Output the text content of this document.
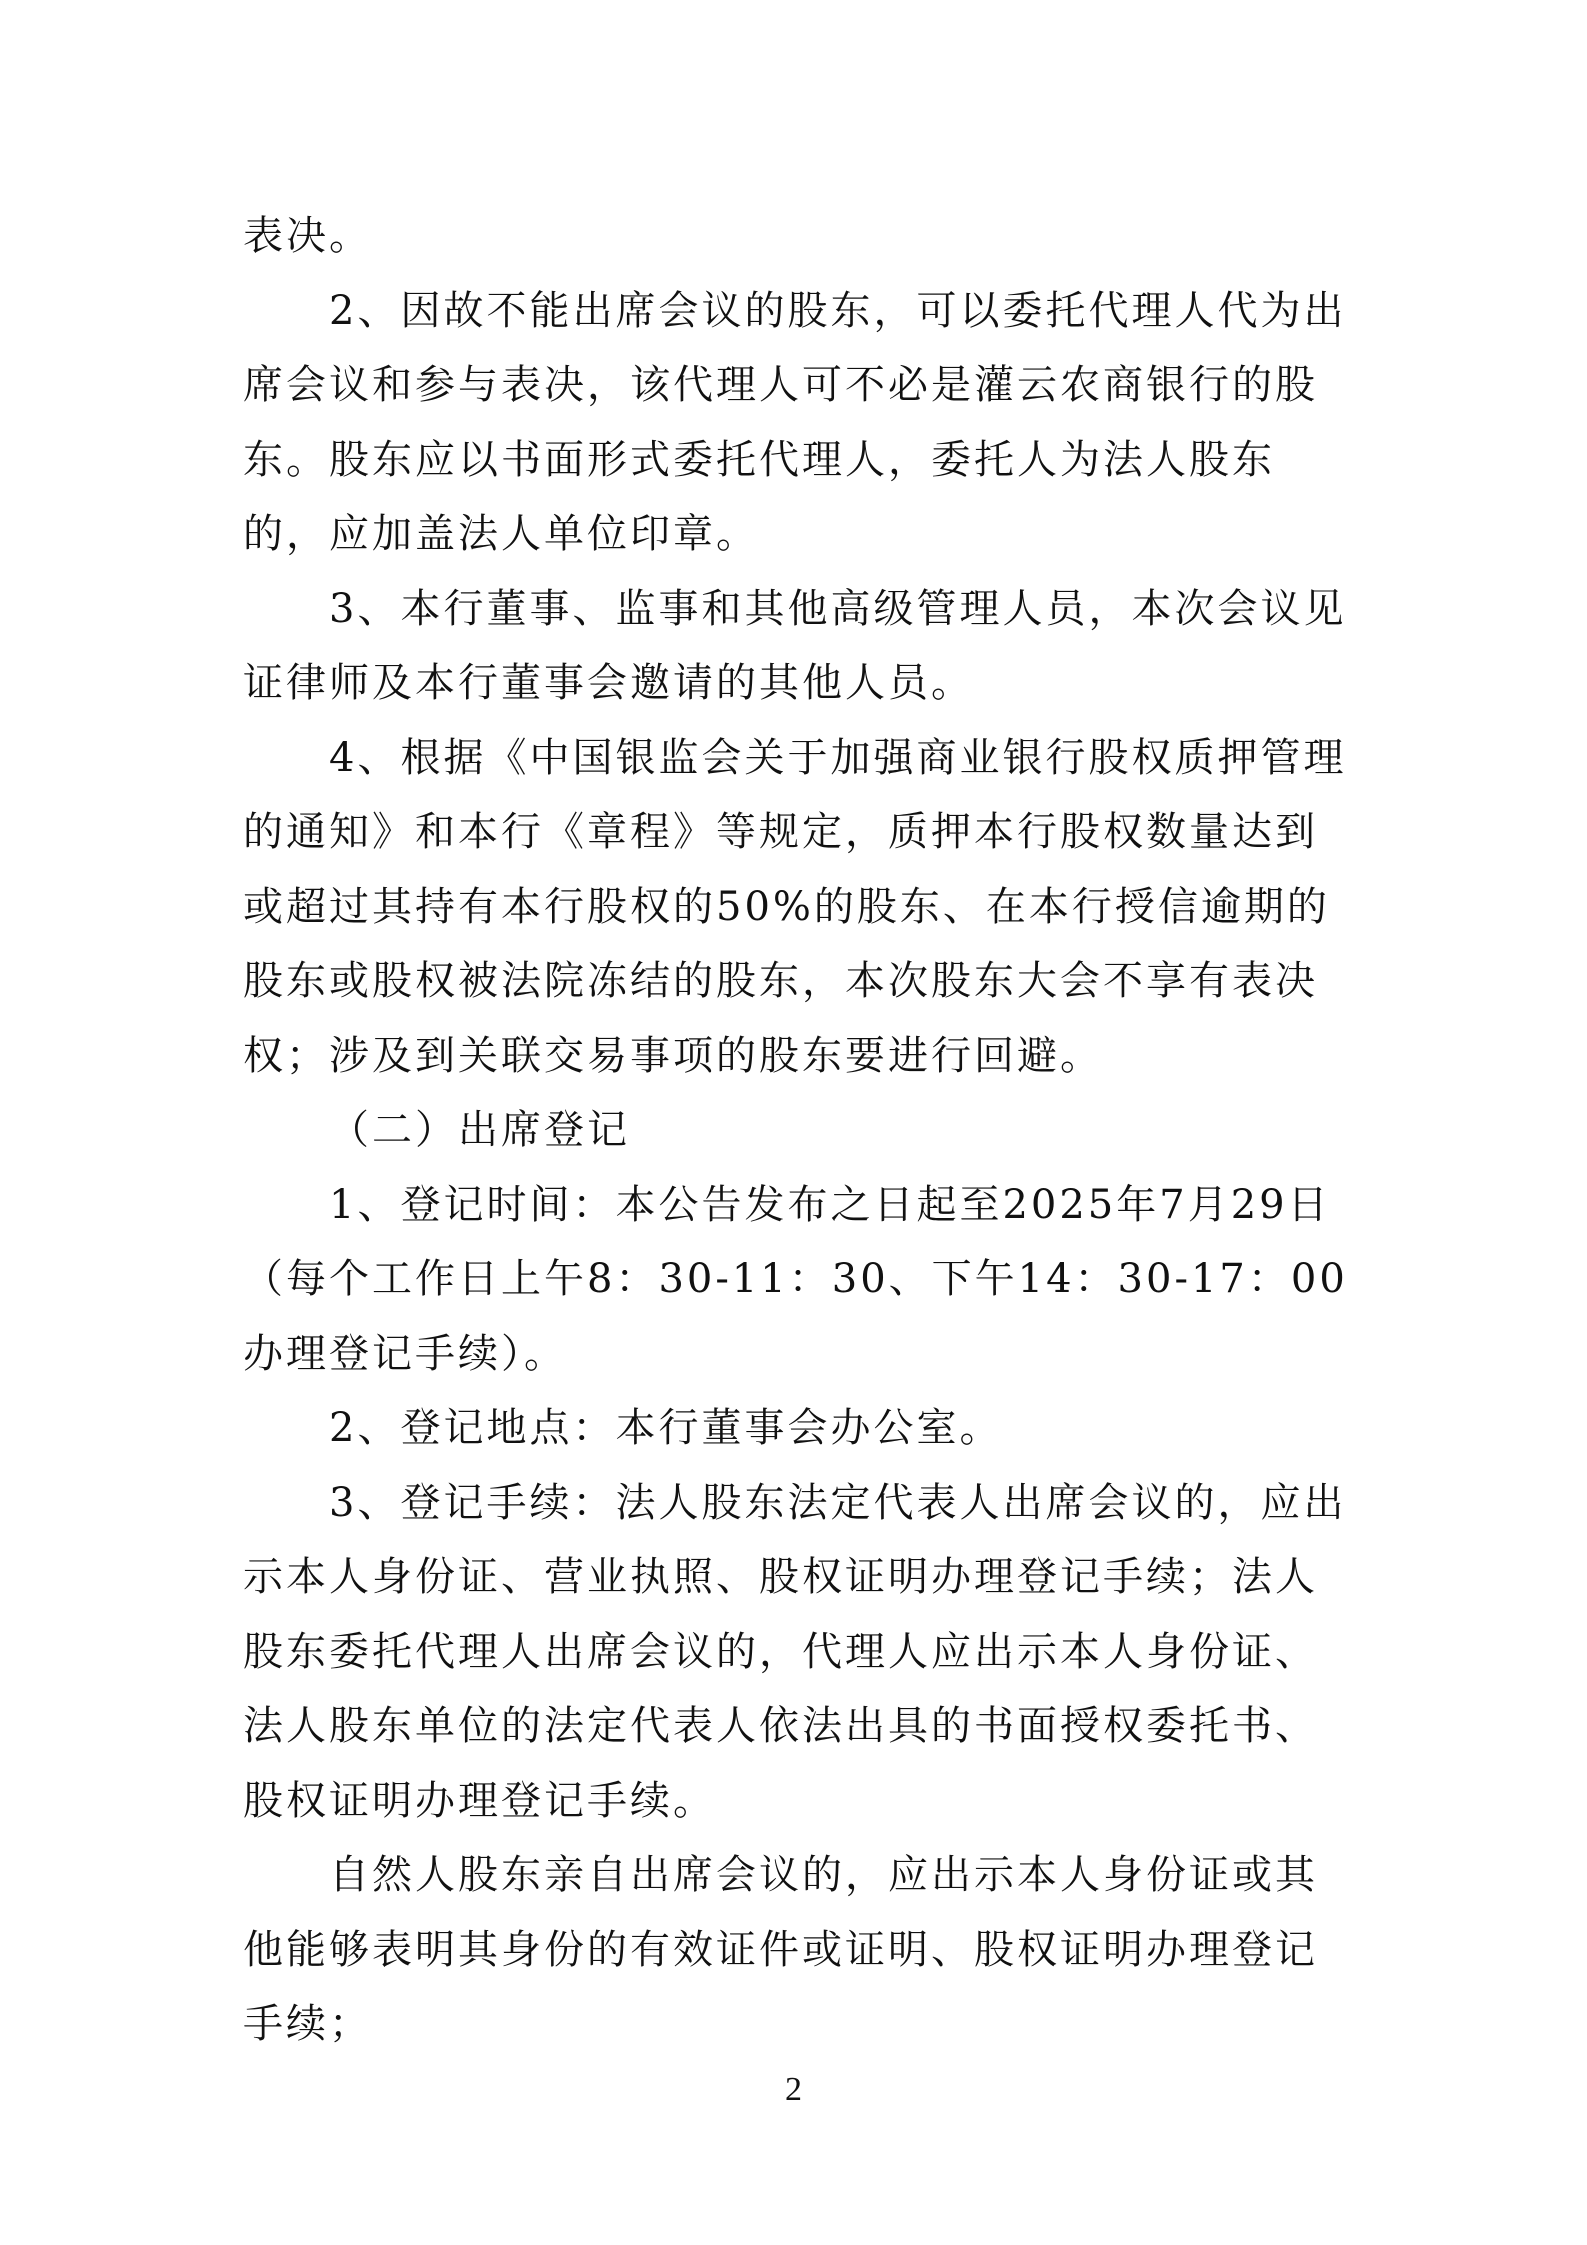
表决。

2、因故不能出席会议的股东，可以委托代理人代为出席会议和参与表决，该代理人可不必是灌云农商银行的股东。股东应以书面形式委托代理人，委托人为法人股东的，应加盖法人单位印章。

3、本行董事、监事和其他高级管理人员，本次会议见证律师及本行董事会邀请的其他人员。

4、根据《中国银监会关于加强商业银行股权质押管理的通知》和本行《章程》等规定，质押本行股权数量达到或超过其持有本行股权的50%的股东、在本行授信逾期的股东或股权被法院冻结的股东，本次股东大会不享有表决权；涉及到关联交易事项的股东要进行回避。

（二）出席登记

1、登记时间：本公告发布之日起至2025年7月29日（每个工作日上午8：30-11：30、下午14：30-17：00办理登记手续）。

2、登记地点：本行董事会办公室。

3、登记手续：法人股东法定代表人出席会议的，应出示本人身份证、营业执照、股权证明办理登记手续；法人股东委托代理人出席会议的，代理人应出示本人身份证、法人股东单位的法定代表人依法出具的书面授权委托书、股权证明办理登记手续。

自然人股东亲自出席会议的，应出示本人身份证或其他能够表明其身份的有效证件或证明、股权证明办理登记手续；

2
